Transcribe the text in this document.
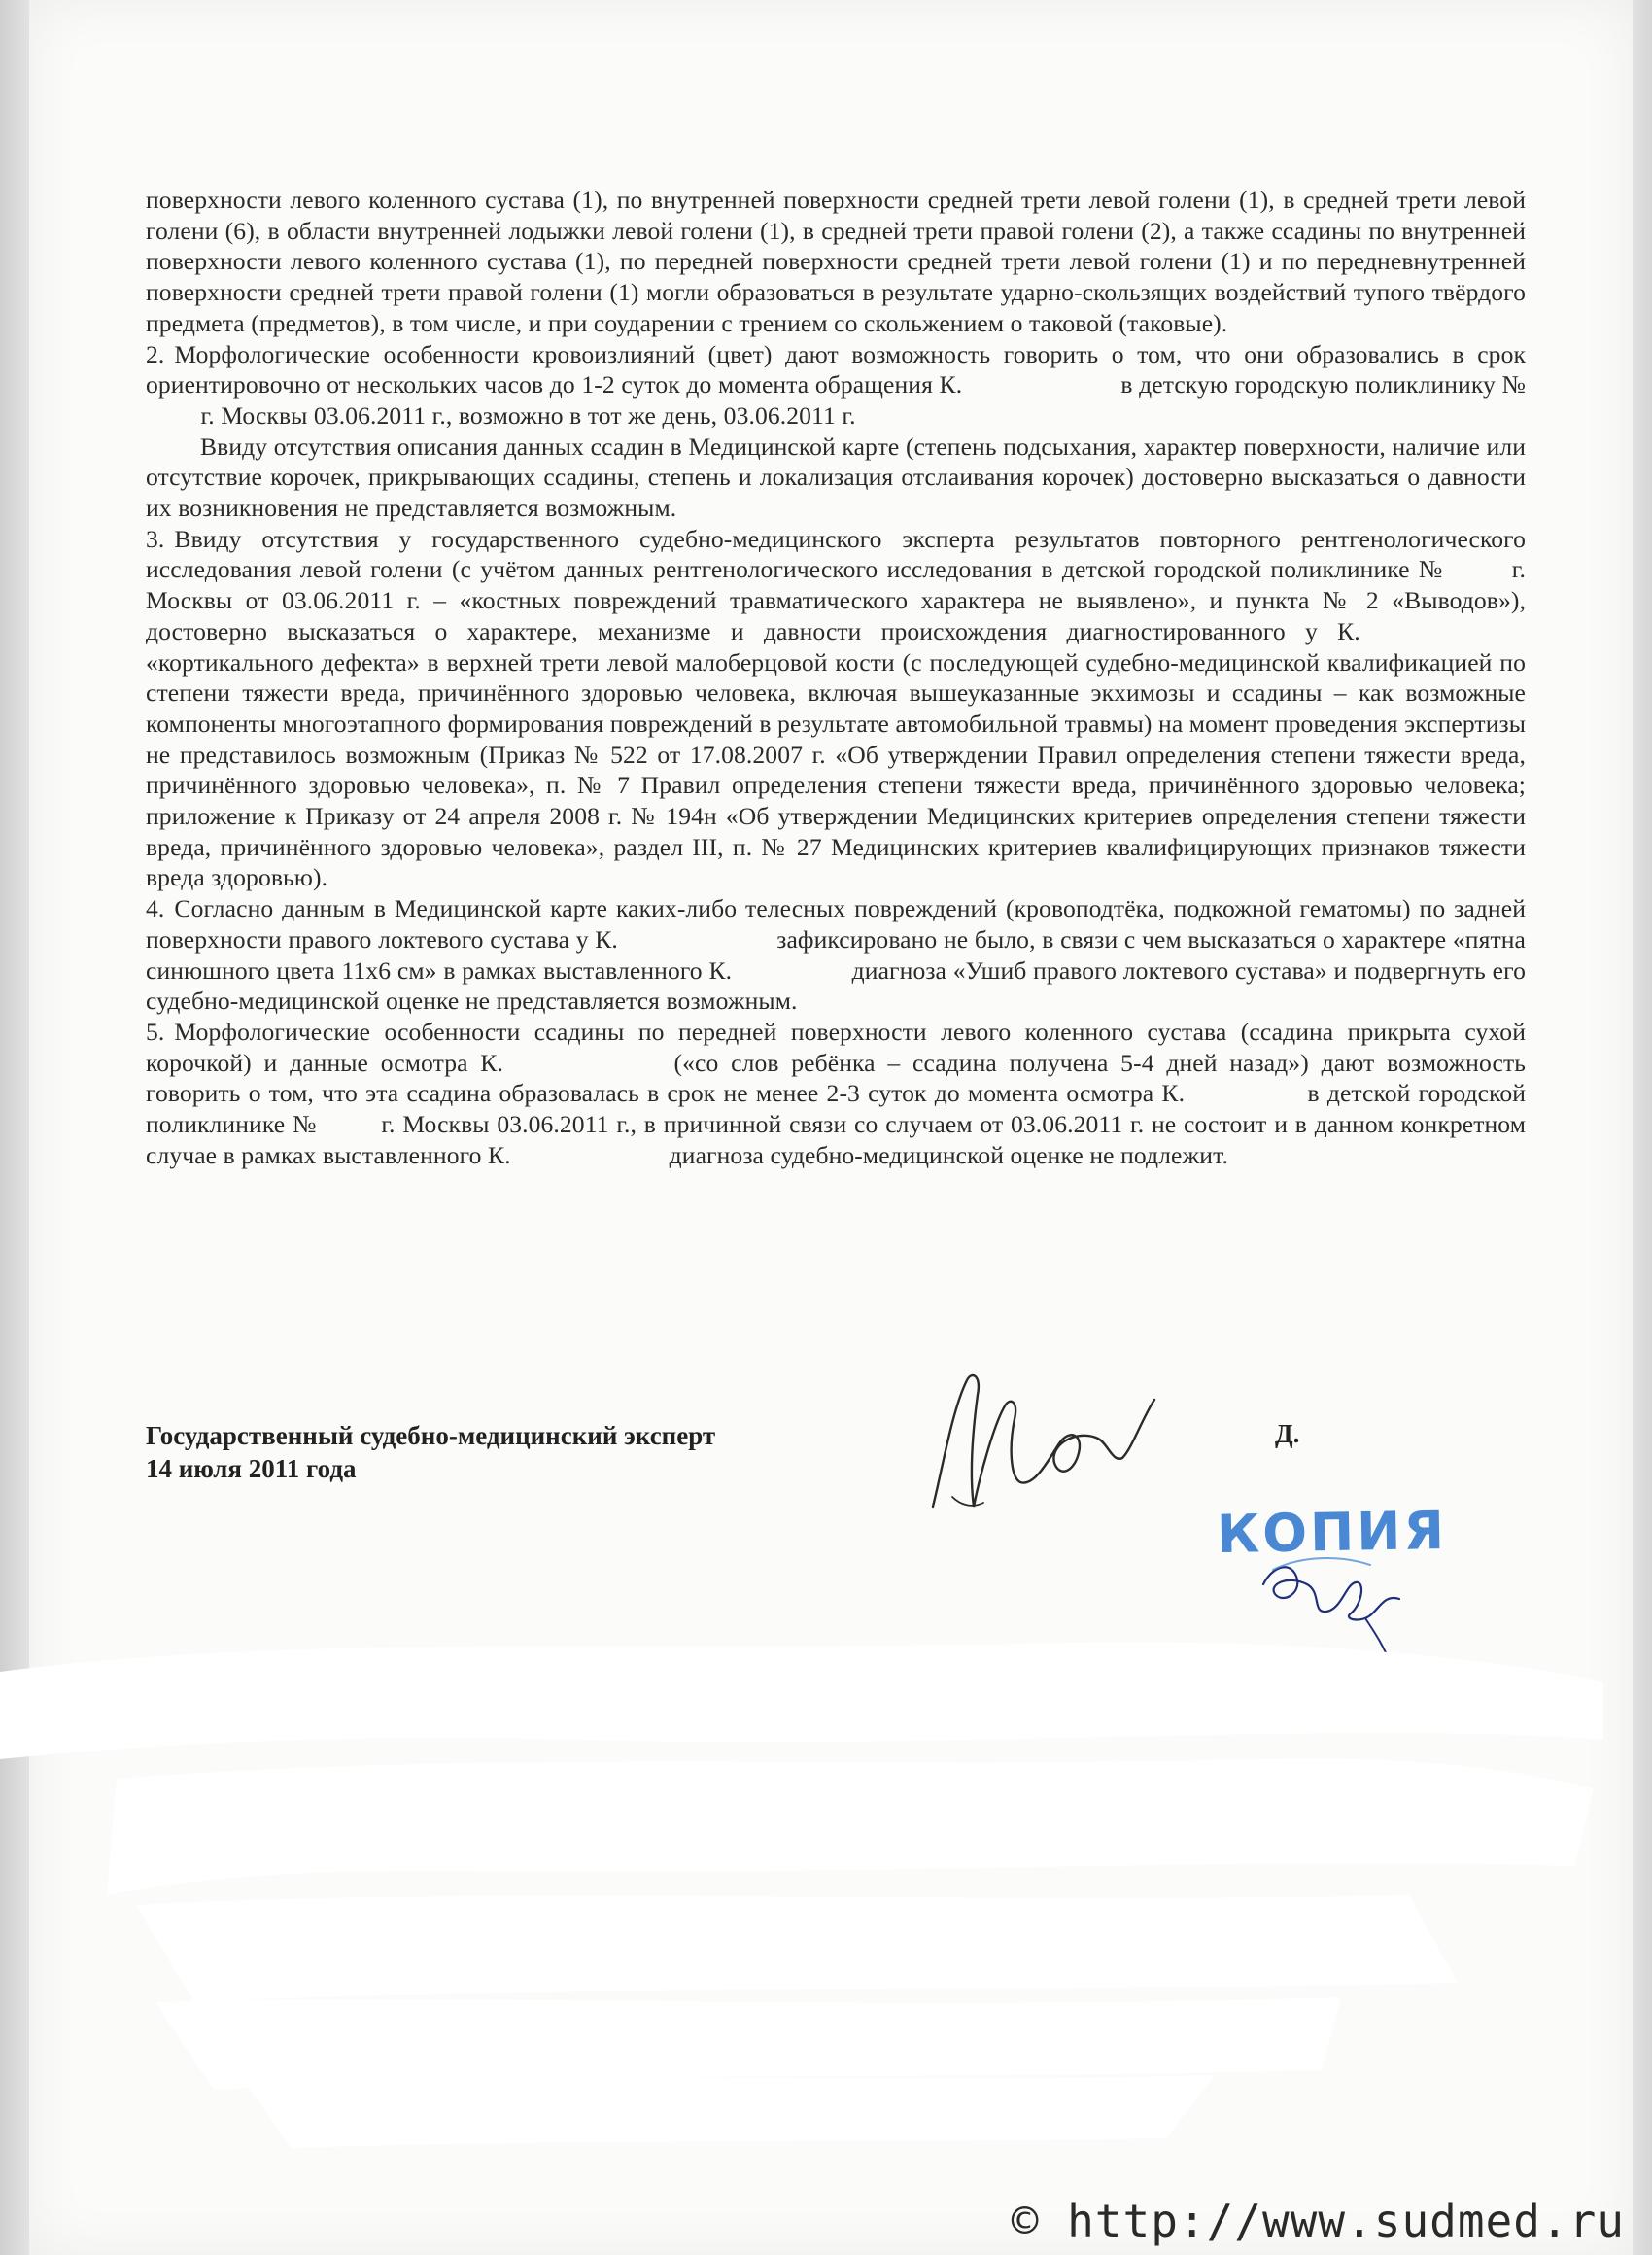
поверхности левого коленного сустава (1), по внутренней поверхности средней трети левой голени (1), в средней трети левой голени (6), в области внутренней лодыжки левой голени (1), в средней трети правой голени (2), а также ссадины по внутренней поверхности левого коленного сустава (1), по передней поверхности средней трети левой голени (1) и по передневнутренней поверхности средней трети правой голени (1) могли образоваться в результате ударно-скользящих воздействий тупого твёрдого предмета (предметов), в том числе, и при соударении с трением со скольжением о таковой (таковые).

2. Морфологические особенности кровоизлияний (цвет) дают возможность говорить о том, что они образовались в срок ориентировочно от нескольких часов до 1-2 суток до момента обращения К.	в детскую городскую поликлинику №  г. Москвы 03.06.2011 г., возможно в тот же день, 03.06.2011 г.

Ввиду отсутствия описания данных ссадин в Медицинской карте (степень подсыхания, характер поверхности, наличие или отсутствие корочек, прикрывающих ссадины, степень и локализация отслаивания корочек) достоверно высказаться о давности их возникновения не представляется возможным.

3. Ввиду отсутствия у государственного судебно-медицинского эксперта результатов повторного рентгенологического исследования левой голени (с учётом данных рентгенологического исследования в детской городской поликлинике №	г. Москвы от 03.06.2011 г. – «костных повреждений травматического характера не выявлено», и пункта № 2 «Выводов»), достоверно высказаться о характере, механизме и давности происхождения диагностированного у К.  «кортикального дефекта» в верхней трети левой малоберцовой кости (с последующей судебно-медицинской квалификацией по степени тяжести вреда, причинённого здоровью человека, включая вышеуказанные экхимозы и ссадины – как возможные компоненты многоэтапного формирования повреждений в результате автомобильной травмы) на момент проведения экспертизы не представилось возможным (Приказ № 522 от 17.08.2007 г. «Об утверждении Правил определения степени тяжести вреда, причинённого здоровью человека», п. № 7 Правил определения степени тяжести вреда, причинённого здоровью человека; приложение к Приказу от 24 апреля 2008 г. № 194н «Об утверждении Медицинских критериев определения степени тяжести вреда, причинённого здоровью человека», раздел III, п. № 27 Медицинских критериев квалифицирующих признаков тяжести вреда здоровью).

4. Согласно данным в Медицинской карте каких-либо телесных повреждений (кровоподтёка, подкожной гематомы) по задней поверхности правого локтевого сустава у К.	зафиксировано не было, в связи с чем высказаться о характере «пятна синюшного цвета 11х6 см» в рамках выставленного К.	диагноза «Ушиб правого локтевого сустава» и подвергнуть его судебно-медицинской оценке не представляется возможным.

5. Морфологические особенности ссадины по передней поверхности левого коленного сустава (ссадина прикрыта сухой корочкой) и данные осмотра К.	(«со слов ребёнка – ссадина получена 5-4 дней назад») дают возможность говорить о том, что эта ссадина образовалась в срок не менее 2-3 суток до момента осмотра К.	в детской городской поликлинике №	г. Москвы 03.06.2011 г., в причинной связи со случаем от 03.06.2011 г. не состоит и в данном конкретном случае в рамках выставленного К.	диагноза судебно-медицинской оценке не подлежит.

Государственный судебно-медицинский эксперт
14 июля 2011 года
Д.
КОПИЯ
© http://www.sudmed.ru
